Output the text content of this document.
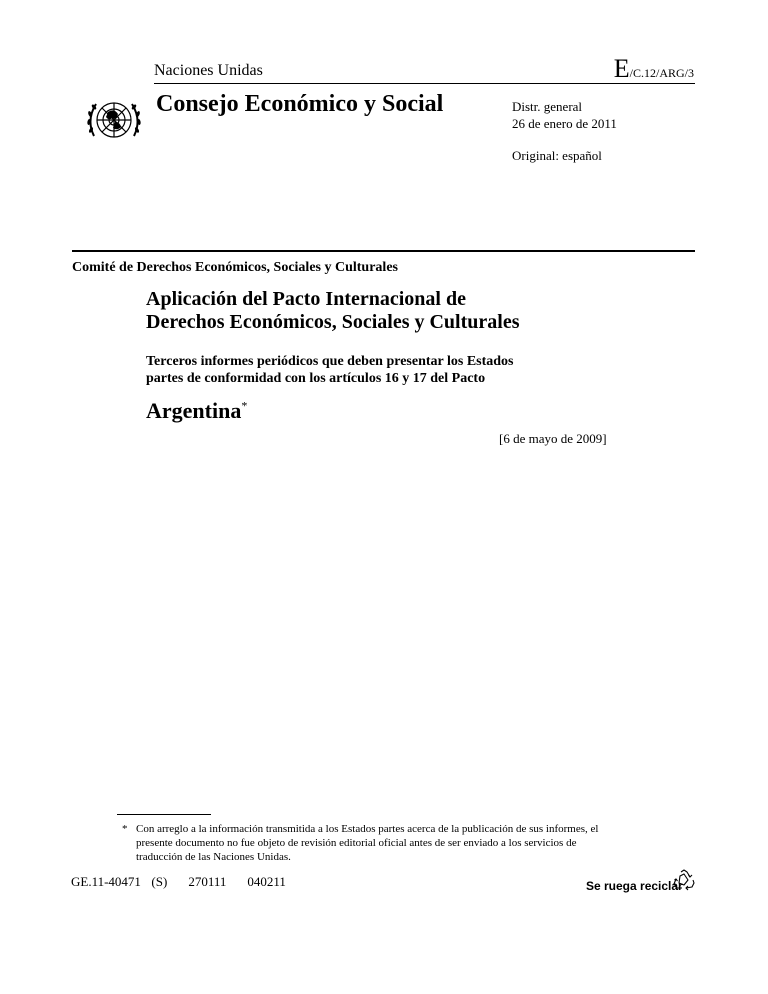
Naciones Unidas	E/C.12/ARG/3
Consejo Económico y Social	Distr. general
26 de enero de 2011
Original: español
Comité de Derechos Económicos, Sociales y Culturales
Aplicación del Pacto Internacional de
Derechos Económicos, Sociales y Culturales
Terceros informes periódicos que deben presentar los Estados
partes de conformidad con los artículos 16 y 17 del Pacto
Argentina*
[6 de mayo de 2009]
* Con arreglo a la información transmitida a los Estados partes acerca de la publicación de sus informes, el presente documento no fue objeto de revisión editorial oficial antes de ser enviado a los servicios de traducción de las Naciones Unidas.
GE.11-40471  (S)    270111    040211	Se ruega reciclar
